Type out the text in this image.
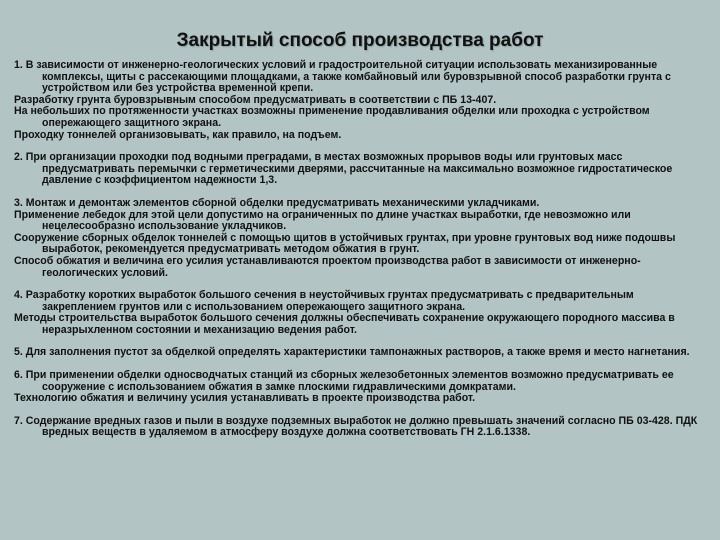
Закрытый способ производства работ

1. В зависимости от инженерно-геологических условий и градостроительной ситуации использовать механизированные комплексы, щиты с рассекающими площадками, а также комбайновый или буровзрывной способ разработки грунта с устройством или без устройства временной крепи.

Разработку грунта буровзрывным способом предусматривать в соответствии с ПБ 13-407.

На небольших по протяженности участках возможны применение продавливания обделки или проходка с устройством опережающего защитного экрана.

Проходку тоннелей организовывать, как правило, на подъем.

2. При организации проходки под водными преградами, в местах возможных прорывов воды или грунтовых масс предусматривать перемычки с герметическими дверями, рассчитанные на максимально возможное гидростатическое давление с коэффициентом надежности 1,3.

3. Монтаж и демонтаж элементов сборной обделки предусматривать механическими укладчиками.

Применение лебедок для этой цели допустимо на ограниченных по длине участках выработки, где невозможно или нецелесообразно использование укладчиков.

Сооружение сборных обделок тоннелей с помощью щитов в устойчивых грунтах, при уровне грунтовых вод ниже подошвы выработок, рекомендуется предусматривать методом обжатия в грунт.

Способ обжатия и величина его усилия устанавливаются проектом производства работ в зависимости от инженерно-геологических условий.

4. Разработку коротких выработок большого сечения в неустойчивых грунтах предусматривать с предварительным закреплением грунтов или с использованием опережающего защитного экрана.

Методы строительства выработок большого сечения должны обеспечивать сохранение окружающего породного массива в неразрыхленном состоянии и механизацию ведения работ.

5. Для заполнения пустот за обделкой определять характеристики тампонажных растворов, а также время и место нагнетания.

6. При применении обделки односводчатых станций из сборных железобетонных элементов возможно предусматривать ее сооружение с использованием обжатия в замке плоскими гидравлическими домкратами.

Технологию обжатия и величину усилия устанавливать в проекте производства работ.

7. Содержание вредных газов и пыли в воздухе подземных выработок не должно превышать значений согласно ПБ 03-428. ПДК вредных веществ в удаляемом в атмосферу воздухе должна соответствовать ГН 2.1.6.1338.
